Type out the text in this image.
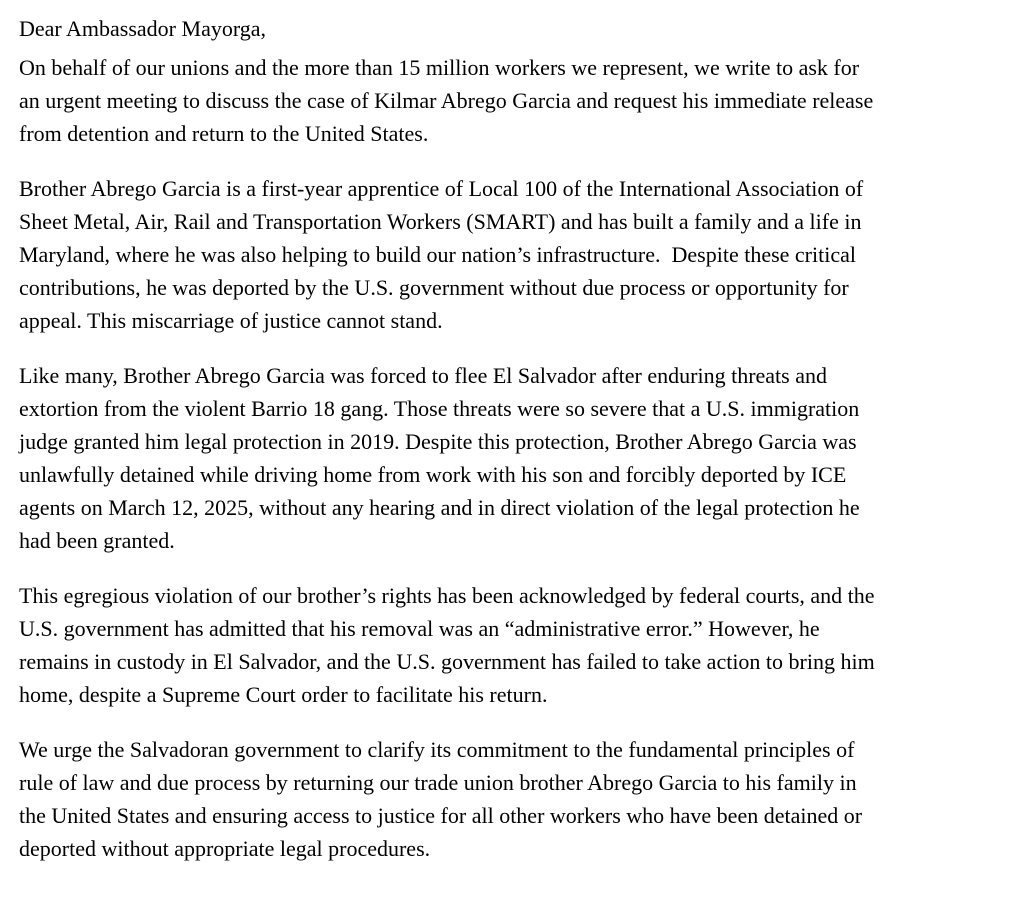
Dear Ambassador Mayorga,
On behalf of our unions and the more than 15 million workers we represent, we write to ask for
an urgent meeting to discuss the case of Kilmar Abrego Garcia and request his immediate release
from detention and return to the United States.
Brother Abrego Garcia is a first-year apprentice of Local 100 of the International Association of
Sheet Metal, Air, Rail and Transportation Workers (SMART) and has built a family and a life in
Maryland, where he was also helping to build our nation’s infrastructure.  Despite these critical
contributions, he was deported by the U.S. government without due process or opportunity for
appeal. This miscarriage of justice cannot stand.
Like many, Brother Abrego Garcia was forced to flee El Salvador after enduring threats and
extortion from the violent Barrio 18 gang. Those threats were so severe that a U.S. immigration
judge granted him legal protection in 2019. Despite this protection, Brother Abrego Garcia was
unlawfully detained while driving home from work with his son and forcibly deported by ICE
agents on March 12, 2025, without any hearing and in direct violation of the legal protection he
had been granted.
This egregious violation of our brother’s rights has been acknowledged by federal courts, and the
U.S. government has admitted that his removal was an “administrative error.” However, he
remains in custody in El Salvador, and the U.S. government has failed to take action to bring him
home, despite a Supreme Court order to facilitate his return.
We urge the Salvadoran government to clarify its commitment to the fundamental principles of
rule of law and due process by returning our trade union brother Abrego Garcia to his family in
the United States and ensuring access to justice for all other workers who have been detained or
deported without appropriate legal procedures.
